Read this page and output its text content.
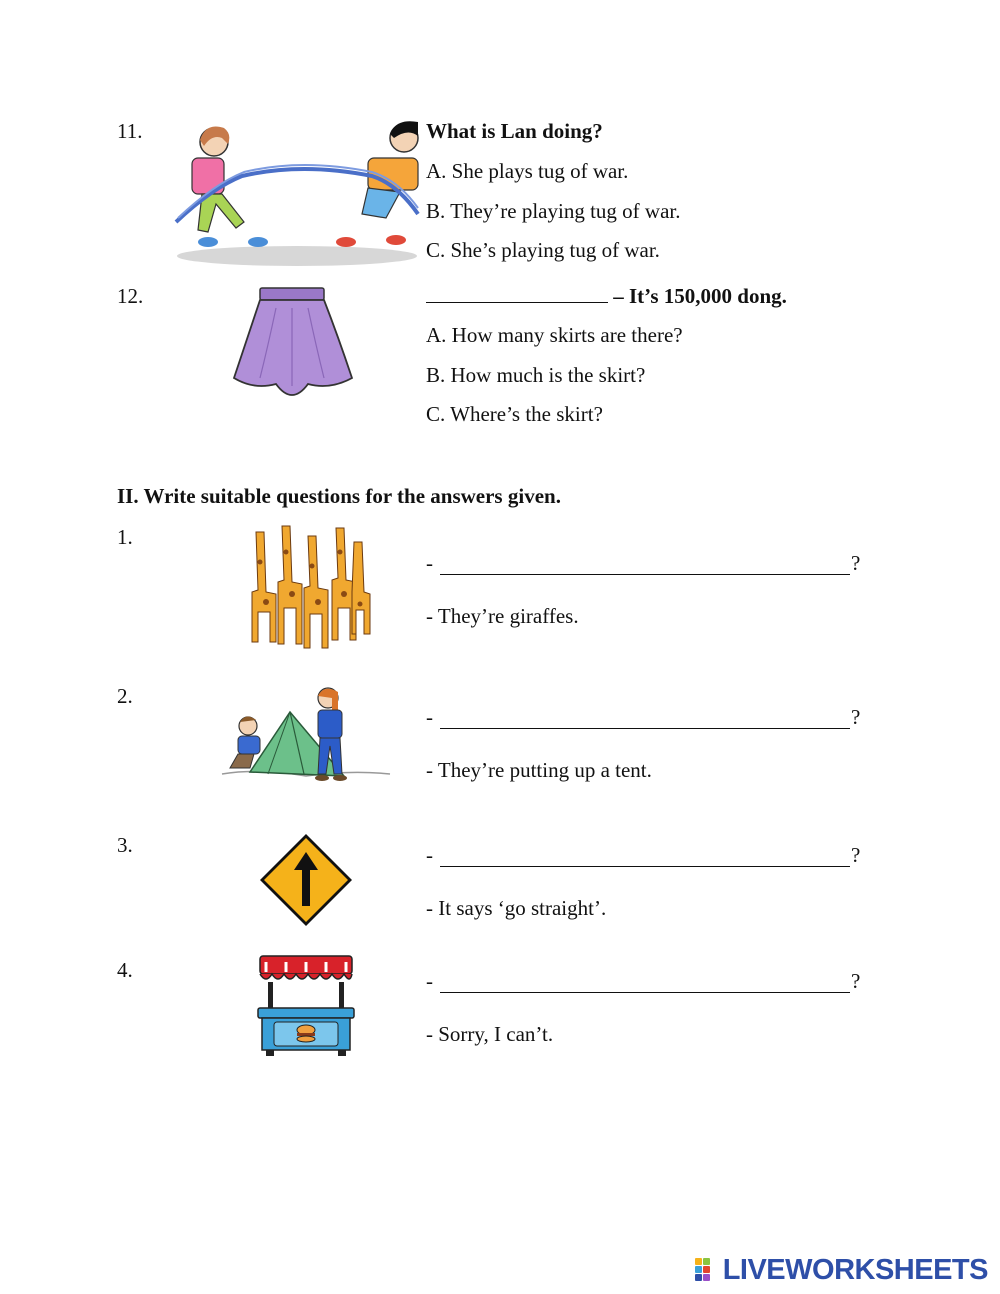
11.	What is Lan doing?
A. She plays tug of war.
B. They’re playing tug of war.
C. She’s playing tug of war.
12.	– It’s 150,000 dong.
A. How many skirts are there?
B. How much is the skirt?
C. Where’s the skirt?
II. Write suitable questions for the answers given.
1.
-	?
- They’re giraffes.
2.
-	?
- They’re putting up a tent.
3.	-	?
- It says ‘go straight’.
4.	-	?
- Sorry, I can’t.
LIVEWORKSHEETS
